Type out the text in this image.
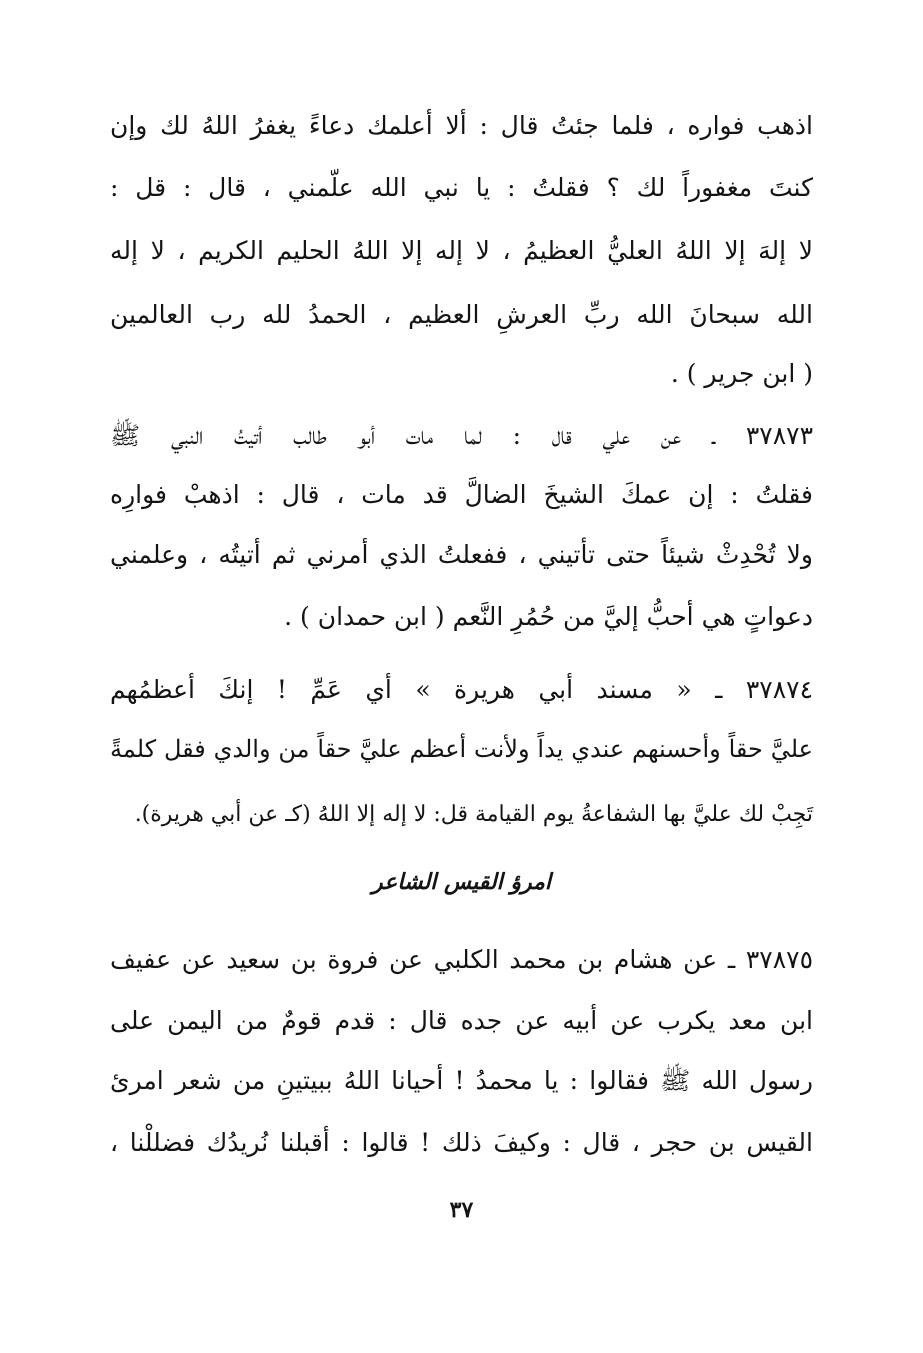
اذهب فواره ، فلما جئتُ قال : ألا أعلمك دعاءً يغفرُ اللهُ لك وإن
كنتَ مغفوراً لك ؟ فقلتُ : يا نبي الله علّمني ، قال : قل :
لا إلهَ إلا اللهُ العليُّ العظيمُ ، لا إله إلا اللهُ الحليم الكريم ، لا إله
الله سبحانَ الله ربِّ العرشِ العظيم ، الحمدُ لله رب العالمين
( ابن جرير ) .
٣٧٨٧٣ ـ عن علي قال : لما مات أبو طالب أتيتُ النبي ﷺ
فقلتُ : إن عمكَ الشيخَ الضالَّ قد مات ، قال : اذهبْ فوارِه
ولا تُحْدِثْ شيئاً حتى تأتيني ، ففعلتُ الذي أمرني ثم أتيتُه ، وعلمني
دعواتٍ هي أحبُّ إليَّ من حُمُرِ النَّعم ( ابن حمدان ) .
٣٧٨٧٤ ـ « مسند أبي هريرة » أي عَمِّ ! إنكَ أعظمُهم
عليَّ حقاً وأحسنهم عندي يداً ولأنت أعظم عليَّ حقاً من والدي فقل كلمةً
تَجِبْ لك عليَّ بها الشفاعةُ يوم القيامة قل: لا إله إلا اللهُ (كـ عن أبي هريرة).
امرؤ القيس الشاعر
٣٧٨٧٥ ـ عن هشام بن محمد الكلبي عن فروة بن سعيد عن عفيف
ابن معد يكرب عن أبيه عن جده قال : قدم قومٌ من اليمن على
رسول الله ﷺ فقالوا : يا محمدُ ! أحيانا اللهُ ببيتينِ من شعر امرئ
القيس بن حجر ، قال : وكيفَ ذلك ! قالوا : أقبلنا نُريدُك فضللْنا ،
٣٧
